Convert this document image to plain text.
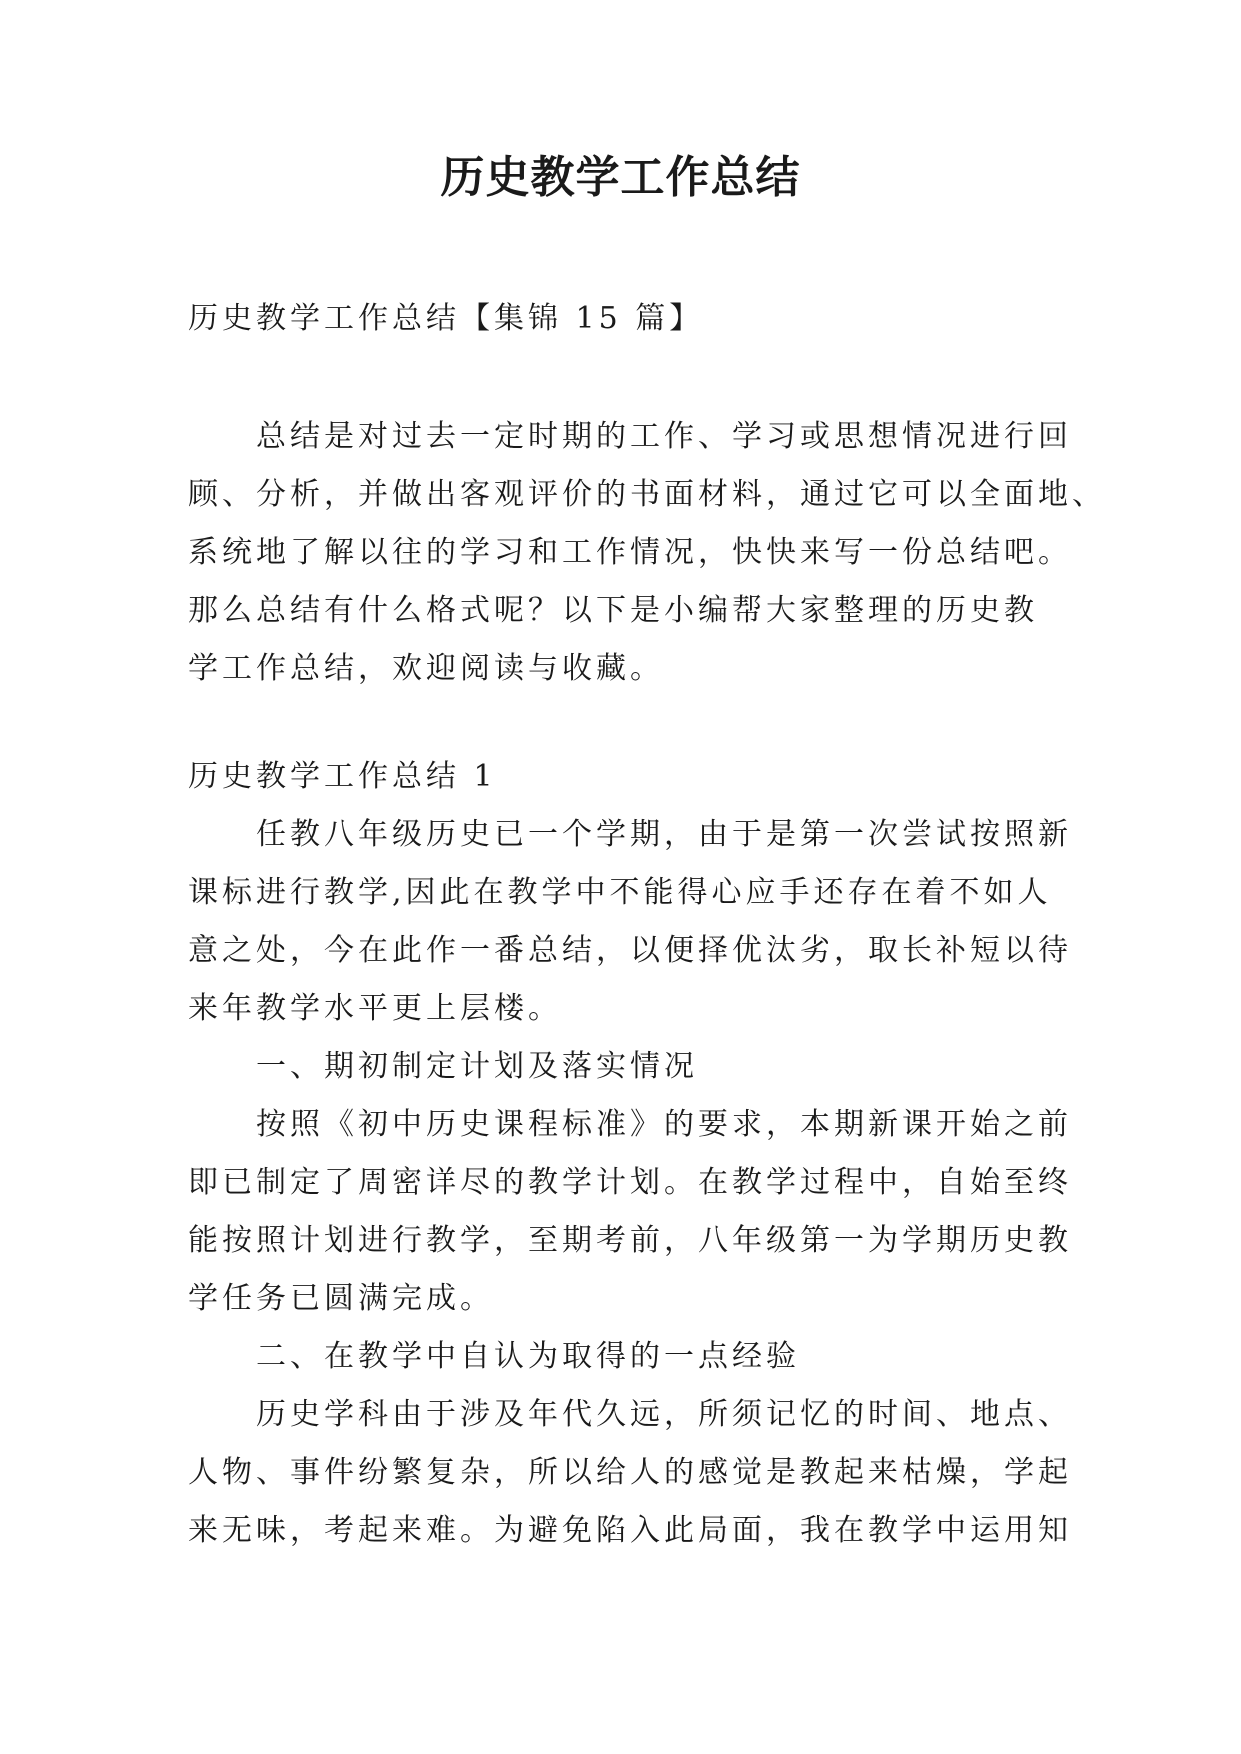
历史教学工作总结

历史教学工作总结【集锦 15 篇】

　　总结是对过去一定时期的工作、学习或思想情况进行回

顾、分析，并做出客观评价的书面材料，通过它可以全面地、

系统地了解以往的学习和工作情况，快快来写一份总结吧。

那么总结有什么格式呢？以下是小编帮大家整理的历史教

学工作总结，欢迎阅读与收藏。

历史教学工作总结 1

　　任教八年级历史已一个学期，由于是第一次尝试按照新

课标进行教学,因此在教学中不能得心应手还存在着不如人

意之处，今在此作一番总结，以便择优汰劣，取长补短以待

来年教学水平更上层楼。

　　一、期初制定计划及落实情况

　　按照《初中历史课程标准》的要求，本期新课开始之前

即已制定了周密详尽的教学计划。在教学过程中，自始至终

能按照计划进行教学，至期考前，八年级第一为学期历史教

学任务已圆满完成。

　　二、在教学中自认为取得的一点经验

　　历史学科由于涉及年代久远，所须记忆的时间、地点、

人物、事件纷繁复杂，所以给人的感觉是教起来枯燥，学起

来无味，考起来难。为避免陷入此局面，我在教学中运用知
